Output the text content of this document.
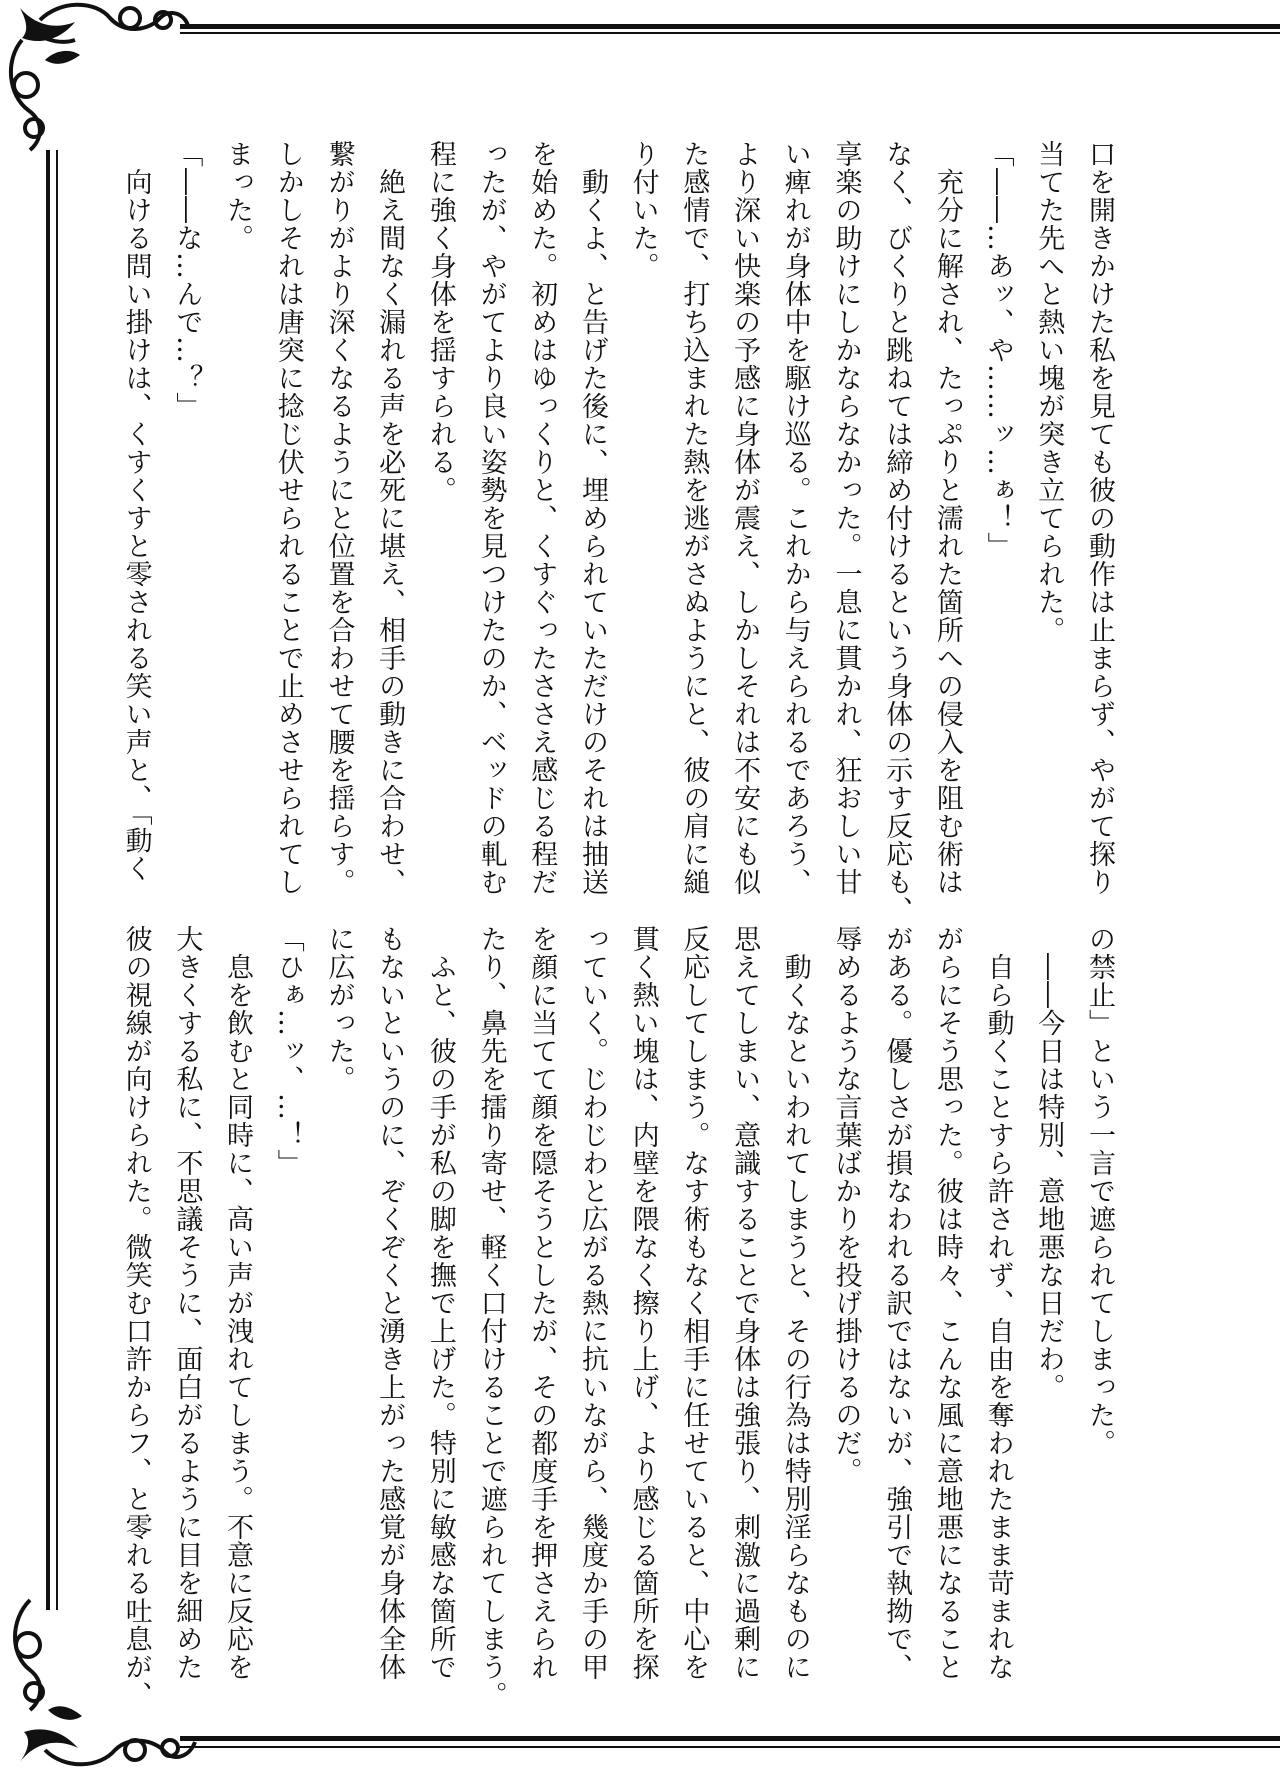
口を開きかけた私を見ても彼の動作は止まらず、やがて探り

当てた先へと熱い塊が突き立てられた。

「――…あッ、や……ッ…ぁ！」

　充分に解され、たっぷりと濡れた箇所への侵入を阻む術は

なく、びくりと跳ねては締め付けるという身体の示す反応も、

享楽の助けにしかならなかった。一息に貫かれ、狂おしい甘

い痺れが身体中を駆け巡る。これから与えられるであろう、

より深い快楽の予感に身体が震え、しかしそれは不安にも似

た感情で、打ち込まれた熱を逃がさぬようにと、彼の肩に縋

り付いた。

　動くよ、と告げた後に、埋められていただけのそれは抽送

を始めた。初めはゆっくりと、くすぐったささえ感じる程だ

ったが、やがてより良い姿勢を見つけたのか、ベッドの軋む

程に強く身体を揺すられる。

　絶え間なく漏れる声を必死に堪え、相手の動きに合わせ、

繋がりがより深くなるようにと位置を合わせて腰を揺らす。

しかしそれは唐突に捻じ伏せられることで止めさせられてし

まった。

「――な…んで…？」

　向ける問い掛けは、くすくすと零される笑い声と、「動く

の禁止」という一言で遮られてしまった。

　――今日は特別、意地悪な日だわ。

　自ら動くことすら許されず、自由を奪われたまま苛まれな

がらにそう思った。彼は時々、こんな風に意地悪になること

がある。優しさが損なわれる訳ではないが、強引で執拗で、

辱めるような言葉ばかりを投げ掛けるのだ。

　動くなといわれてしまうと、その行為は特別淫らなものに

思えてしまい、意識することで身体は強張り、刺激に過剰に

反応してしまう。なす術もなく相手に任せていると、中心を

貫く熱い塊は、内壁を隈なく擦り上げ、より感じる箇所を探

っていく。じわじわと広がる熱に抗いながら、幾度か手の甲

を顔に当てて顔を隠そうとしたが、その都度手を押さえられ

たり、鼻先を擂り寄せ、軽く口付けることで遮られてしまう。

　ふと、彼の手が私の脚を撫で上げた。特別に敏感な箇所で

もないというのに、ぞくぞくと湧き上がった感覚が身体全体

に広がった。

「ひぁ…ッ、…！」

　息を飲むと同時に、高い声が洩れてしまう。不意に反応を

大きくする私に、不思議そうに、面白がるように目を細めた

彼の視線が向けられた。微笑む口許からフ、と零れる吐息が、
